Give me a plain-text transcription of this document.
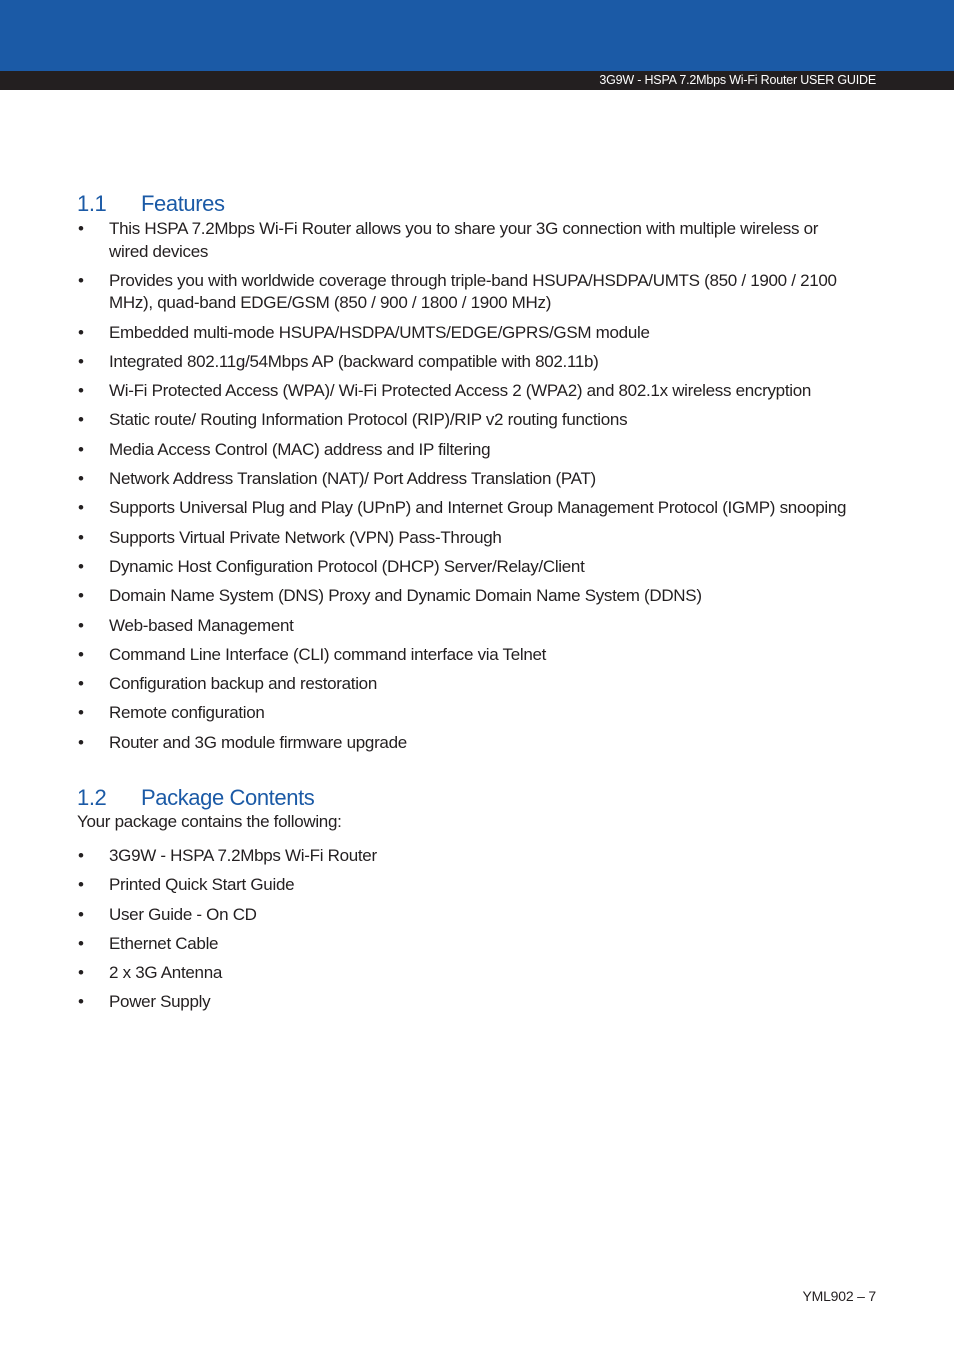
3G9W - HSPA 7.2Mbps Wi-Fi Router USER GUIDE
1.1 Features
• This HSPA 7.2Mbps Wi-Fi Router allows you to share your 3G connection with multiple wireless or wired devices
• Provides you with worldwide coverage through triple-band HSUPA/HSDPA/UMTS (850 / 1900 / 2100 MHz), quad-band EDGE/GSM (850 / 900 / 1800 / 1900 MHz)
• Embedded multi-mode HSUPA/HSDPA/UMTS/EDGE/GPRS/GSM module
• Integrated 802.11g/54Mbps AP (backward compatible with 802.11b)
• Wi-Fi Protected Access (WPA)/ Wi-Fi Protected Access 2 (WPA2) and 802.1x wireless encryption
• Static route/ Routing Information Protocol (RIP)/RIP v2 routing functions
• Media Access Control (MAC) address and IP filtering
• Network Address Translation (NAT)/ Port Address Translation (PAT)
• Supports Universal Plug and Play (UPnP) and Internet Group Management Protocol (IGMP) snooping
• Supports Virtual Private Network (VPN) Pass-Through
• Dynamic Host Configuration Protocol (DHCP) Server/Relay/Client
• Domain Name System (DNS) Proxy and Dynamic Domain Name System (DDNS)
• Web-based Management
• Command Line Interface (CLI) command interface via Telnet
• Configuration backup and restoration
• Remote configuration
• Router and 3G module firmware upgrade
1.2 Package Contents

Your package contains the following:

• 3G9W - HSPA 7.2Mbps Wi-Fi Router
• Printed Quick Start Guide
• User Guide - On CD
• Ethernet Cable
• 2 x 3G Antenna
• Power Supply
YML902 – 7
